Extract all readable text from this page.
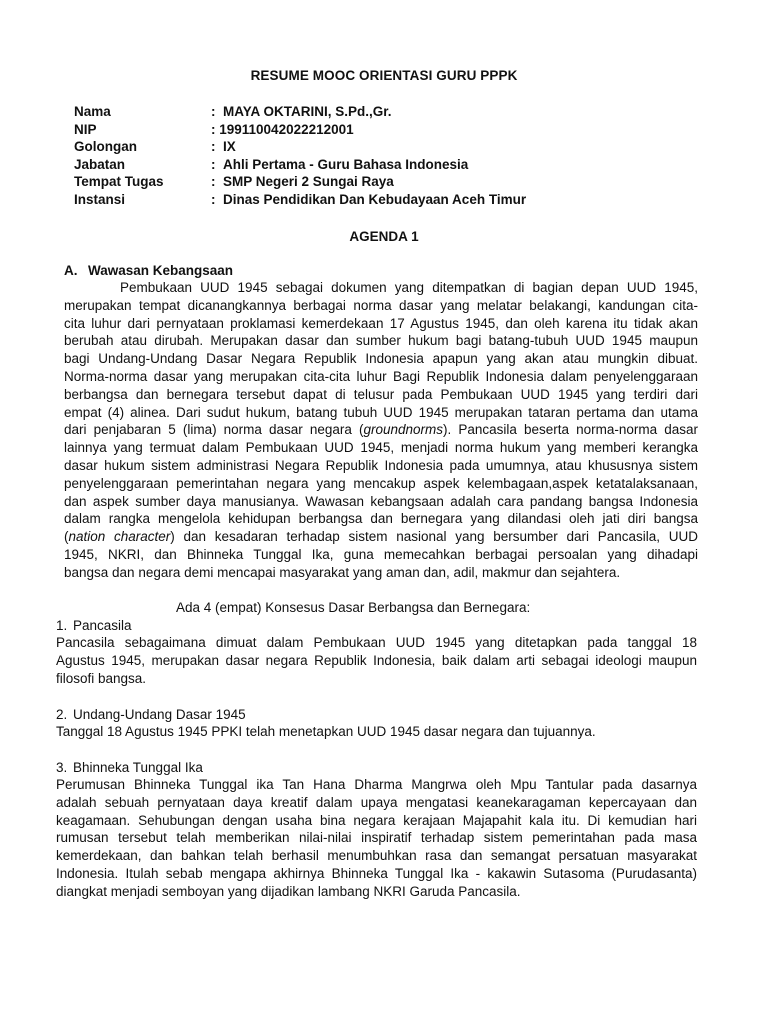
RESUME MOOC ORIENTASI GURU PPPK
Nama	:  MAYA OKTARINI, S.Pd.,Gr.
NIP	: 199110042022212001
Golongan	:  IX
Jabatan	:  Ahli Pertama - Guru Bahasa Indonesia
Tempat Tugas	:  SMP Negeri 2 Sungai Raya
Instansi	:  Dinas Pendidikan Dan Kebudayaan Aceh Timur
AGENDA 1
A. Wawasan Kebangsaan
Pembukaan UUD 1945 sebagai dokumen yang ditempatkan di bagian depan UUD 1945,
merupakan tempat dicanangkannya berbagai norma dasar yang melatar belakangi, kandungan cita-
cita luhur dari pernyataan proklamasi kemerdekaan 17 Agustus 1945, dan oleh karena itu tidak akan
berubah atau dirubah. Merupakan dasar dan sumber hukum bagi batang-tubuh UUD 1945 maupun
bagi Undang-Undang Dasar Negara Republik Indonesia apapun yang akan atau mungkin dibuat.
Norma-norma dasar yang merupakan cita-cita luhur Bagi Republik Indonesia dalam penyelenggaraan
berbangsa dan bernegara tersebut dapat di telusur pada Pembukaan UUD 1945 yang terdiri dari
empat (4) alinea. Dari sudut hukum, batang tubuh UUD 1945 merupakan tataran pertama dan utama
dari penjabaran 5 (lima) norma dasar negara (groundnorms). Pancasila beserta norma-norma dasar
lainnya yang termuat dalam Pembukaan UUD 1945, menjadi norma hukum yang memberi kerangka
dasar hukum sistem administrasi Negara Republik Indonesia pada umumnya, atau khususnya sistem
penyelenggaraan pemerintahan negara yang mencakup aspek kelembagaan,aspek ketatalaksanaan,
dan aspek sumber daya manusianya. Wawasan kebangsaan adalah cara pandang bangsa Indonesia
dalam rangka mengelola kehidupan berbangsa dan bernegara yang dilandasi oleh jati diri bangsa
(nation character) dan kesadaran terhadap sistem nasional yang bersumber dari Pancasila, UUD
1945, NKRI, dan Bhinneka Tunggal Ika, guna memecahkan berbagai persoalan yang dihadapi
bangsa dan negara demi mencapai masyarakat yang aman dan, adil, makmur dan sejahtera.
Ada 4 (empat) Konsesus Dasar Berbangsa dan Bernegara:
1. Pancasila
Pancasila sebagaimana dimuat dalam Pembukaan UUD 1945 yang ditetapkan pada tanggal 18
Agustus 1945, merupakan dasar negara Republik Indonesia, baik dalam arti sebagai ideologi maupun
filosofi bangsa.
2. Undang-Undang Dasar 1945
Tanggal 18 Agustus 1945 PPKI telah menetapkan UUD 1945 dasar negara dan tujuannya.
3. Bhinneka Tunggal Ika
Perumusan Bhinneka Tunggal ika Tan Hana Dharma Mangrwa oleh Mpu Tantular pada dasarnya
adalah sebuah pernyataan daya kreatif dalam upaya mengatasi keanekaragaman kepercayaan dan
keagamaan. Sehubungan dengan usaha bina negara kerajaan Majapahit kala itu. Di kemudian hari
rumusan tersebut telah memberikan nilai-nilai inspiratif terhadap sistem pemerintahan pada masa
kemerdekaan, dan bahkan telah berhasil menumbuhkan rasa dan semangat persatuan masyarakat
Indonesia. Itulah sebab mengapa akhirnya Bhinneka Tunggal Ika - kakawin Sutasoma (Purudasanta)
diangkat menjadi semboyan yang dijadikan lambang NKRI Garuda Pancasila.
